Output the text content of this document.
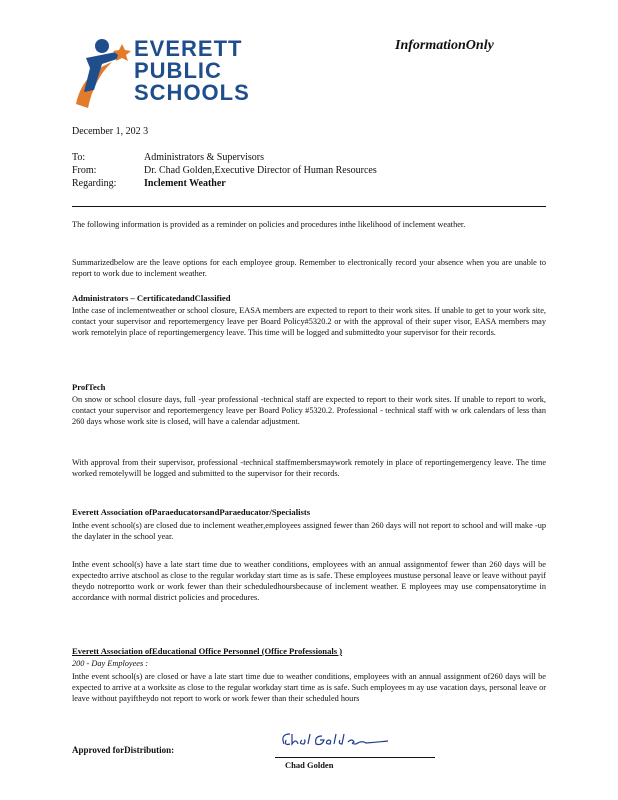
EVERETT
PUBLIC
SCHOOLS
InformationOnly
December 1, 202 3
To:	Administrators & Supervisors
From:	Dr. Chad Golden,Executive Director of Human Resources
Regarding:	Inclement Weather
The following information is provided as a reminder on policies and procedures inthe likelihood of inclement weather.
Summarizedbelow are the leave options for each employee group. Remember to electronically record your absence when you are unable to report to work due to inclement weather.
Administrators – CertificatedandClassified
Inthe case of inclementweather or school closure, EASA members are expected to report to their work sites. If unable to get to your work site, contact your supervisor and reportemergency leave per Board Policy#5320.2 or with the approval of their super visor, EASA members may work remotelyin place of reportingemergency leave. This time will be logged and submittedto your supervisor for their records.
ProfTech
On snow or school closure days, full -year professional -technical staff are expected to report to their work sites. If unable to report to work, contact your supervisor and reportemergency leave per Board Policy #5320.2. Professional - technical staff with w ork calendars of less than 260 days whose work site is closed, will have a calendar adjustment.
With approval from their supervisor, professional -technical staffmembersmaywork remotely in place of reportingemergency leave. The time worked remotelywill be logged and submitted to the supervisor for their records.
Everett Association ofParaeducatorsandParaeducator/Specialists
Inthe event school(s) are closed due to inclement weather,employees assigned fewer than 260 days will not report to school and will make -up the daylater in the school year.
Inthe event school(s) have a late start time due to weather conditions, employees with an annual assignmentof fewer than 260 days will be expectedto arrive atschool as close to the regular workday start time as is safe. These employees mustuse personal leave or leave without payif theydo notreportto work or work fewer than their scheduledhoursbecause of inclement weather. E mployees may use compensatorytime in accordance with normal district policies and procedures.
Everett Association ofEducational Office Personnel (Office Professionals )
200 - Day Employees :
Inthe event school(s) are closed or have a late start time due to weather conditions, employees with an annual assignment of260 days will be expected to arrive at a worksite as close to the regular workday start time as is safe. Such employees m ay use vacation days, personal leave or leave without payiftheydo not report to work or work fewer than their scheduled hours
Approved forDistribution:
Chad Golden
